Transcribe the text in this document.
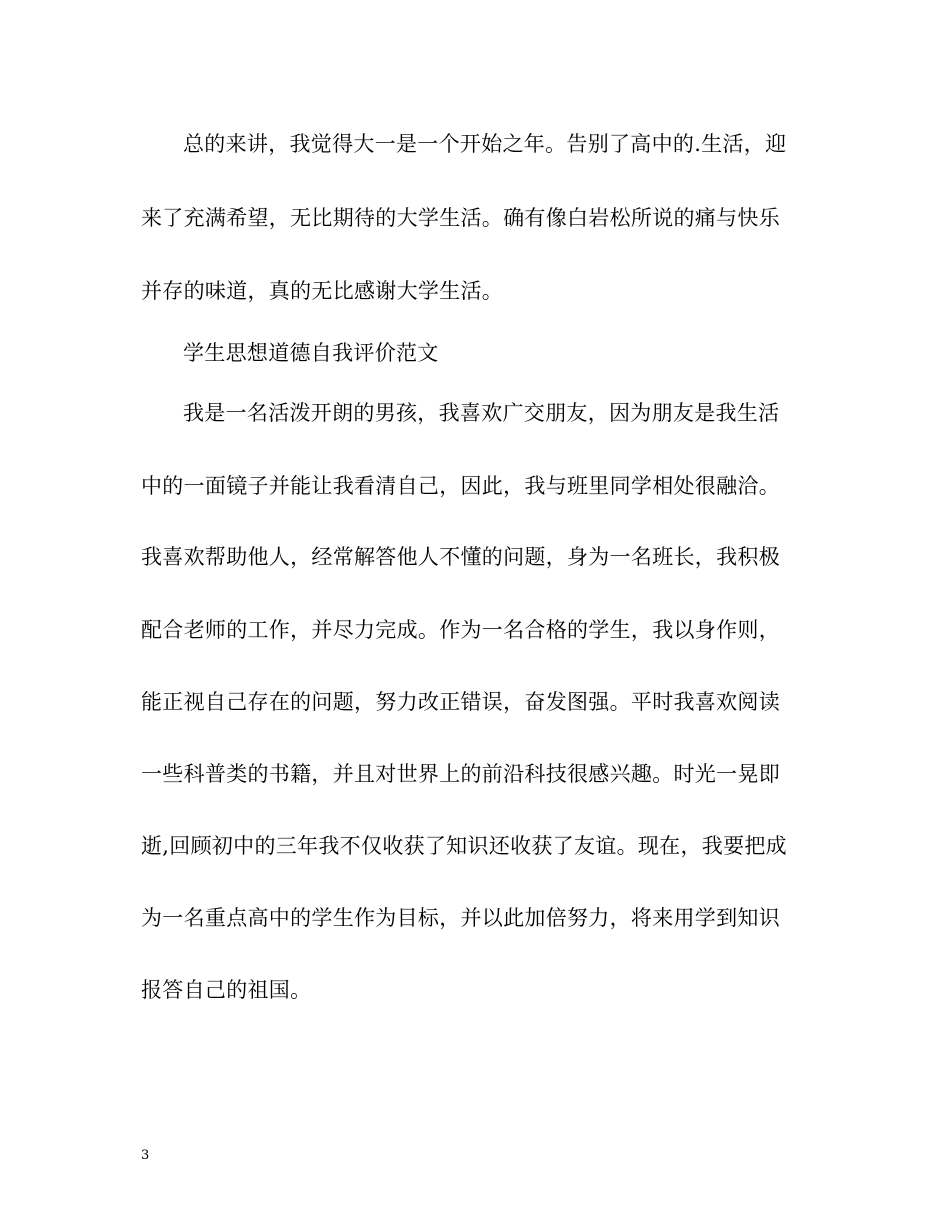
总的来讲，我觉得大一是一个开始之年。告别了高中的.生活，迎
来了充满希望，无比期待的大学生活。确有像白岩松所说的痛与快乐
并存的味道，真的无比感谢大学生活。
学生思想道德自我评价范文
我是一名活泼开朗的男孩，我喜欢广交朋友，因为朋友是我生活
中的一面镜子并能让我看清自己，因此，我与班里同学相处很融洽。
我喜欢帮助他人，经常解答他人不懂的问题，身为一名班长，我积极
配合老师的工作，并尽力完成。作为一名合格的学生，我以身作则，
能正视自己存在的问题，努力改正错误，奋发图强。平时我喜欢阅读
一些科普类的书籍，并且对世界上的前沿科技很感兴趣。时光一晃即
逝,回顾初中的三年我不仅收获了知识还收获了友谊。现在，我要把成
为一名重点高中的学生作为目标，并以此加倍努力，将来用学到知识
报答自己的祖国。
3
